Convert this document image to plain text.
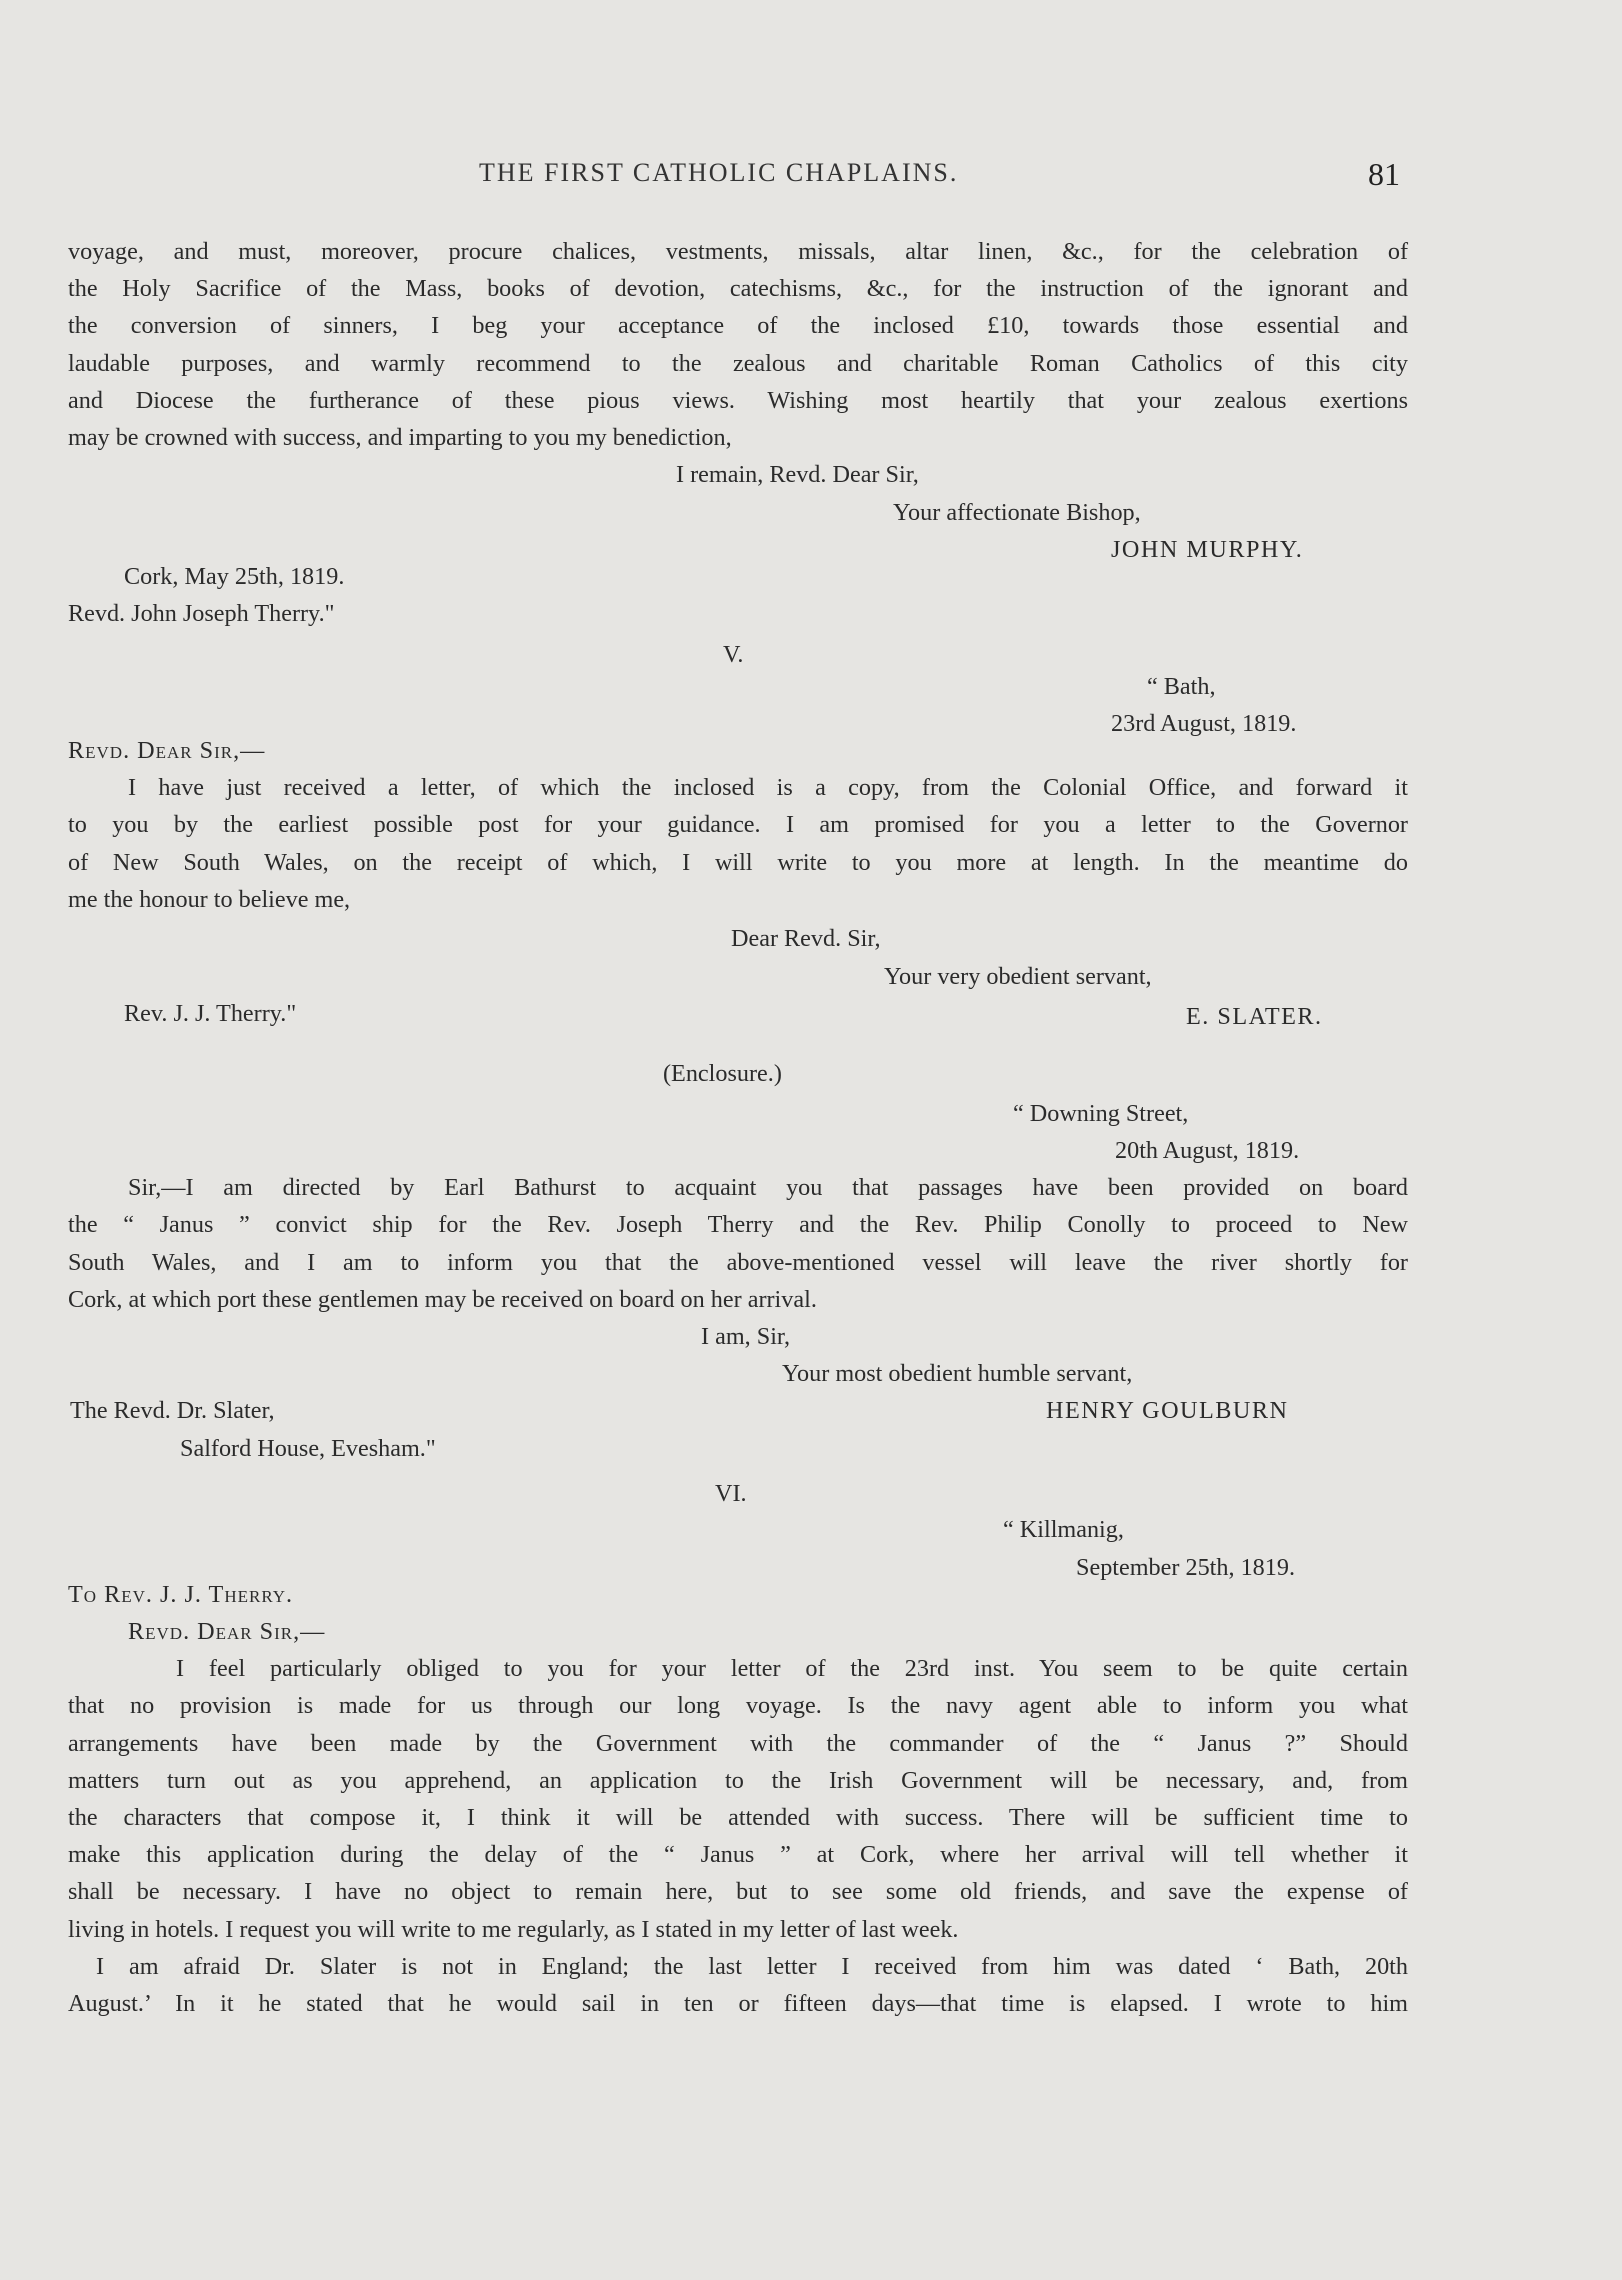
THE FIRST CATHOLIC CHAPLAINS.	81
voyage, and must, moreover, procure chalices, vestments, missals, altar linen, &c., for the celebration of
the Holy Sacrifice of the Mass, books of devotion, catechisms, &c., for the instruction of the ignorant and
the conversion of sinners, I beg your acceptance of the inclosed £10, towards those essential and
laudable purposes, and warmly recommend to the zealous and charitable Roman Catholics of this city
and Diocese the furtherance of these pious views. Wishing most heartily that your zealous exertions
may be crowned with success, and imparting to you my benediction,
I remain, Revd. Dear Sir,
Your affectionate Bishop,
JOHN MURPHY.
Cork, May 25th, 1819.
Revd. John Joseph Therry."
V.
“ Bath,
23rd August, 1819.
Revd. Dear Sir,—
I have just received a letter, of which the inclosed is a copy, from the Colonial Office, and forward it
to you by the earliest possible post for your guidance. I am promised for you a letter to the Governor
of New South Wales, on the receipt of which, I will write to you more at length. In the meantime do
me the honour to believe me,
Dear Revd. Sir,
Your very obedient servant,
Rev. J. J. Therry."	E. SLATER.
(Enclosure.)
“ Downing Street,
20th August, 1819.
Sir,—I am directed by Earl Bathurst to acquaint you that passages have been provided on board
the “ Janus ” convict ship for the Rev. Joseph Therry and the Rev. Philip Conolly to proceed to New
South Wales, and I am to inform you that the above-mentioned vessel will leave the river shortly for
Cork, at which port these gentlemen may be received on board on her arrival.
I am, Sir,
Your most obedient humble servant,
The Revd. Dr. Slater,	HENRY GOULBURN
Salford House, Evesham."
VI.
“ Killmanig,
September 25th, 1819.
To Rev. J. J. Therry.
Revd. Dear Sir,—
I feel particularly obliged to you for your letter of the 23rd inst. You seem to be quite certain
that no provision is made for us through our long voyage. Is the navy agent able to inform you what
arrangements have been made by the Government with the commander of the “ Janus ?” Should
matters turn out as you apprehend, an application to the Irish Government will be necessary, and, from
the characters that compose it, I think it will be attended with success. There will be sufficient time to
make this application during the delay of the “ Janus ” at Cork, where her arrival will tell whether it
shall be necessary. I have no object to remain here, but to see some old friends, and save the expense of
living in hotels. I request you will write to me regularly, as I stated in my letter of last week.
I am afraid Dr. Slater is not in England; the last letter I received from him was dated ‘ Bath, 20th
August.’ In it he stated that he would sail in ten or fifteen days—that time is elapsed. I wrote to him
